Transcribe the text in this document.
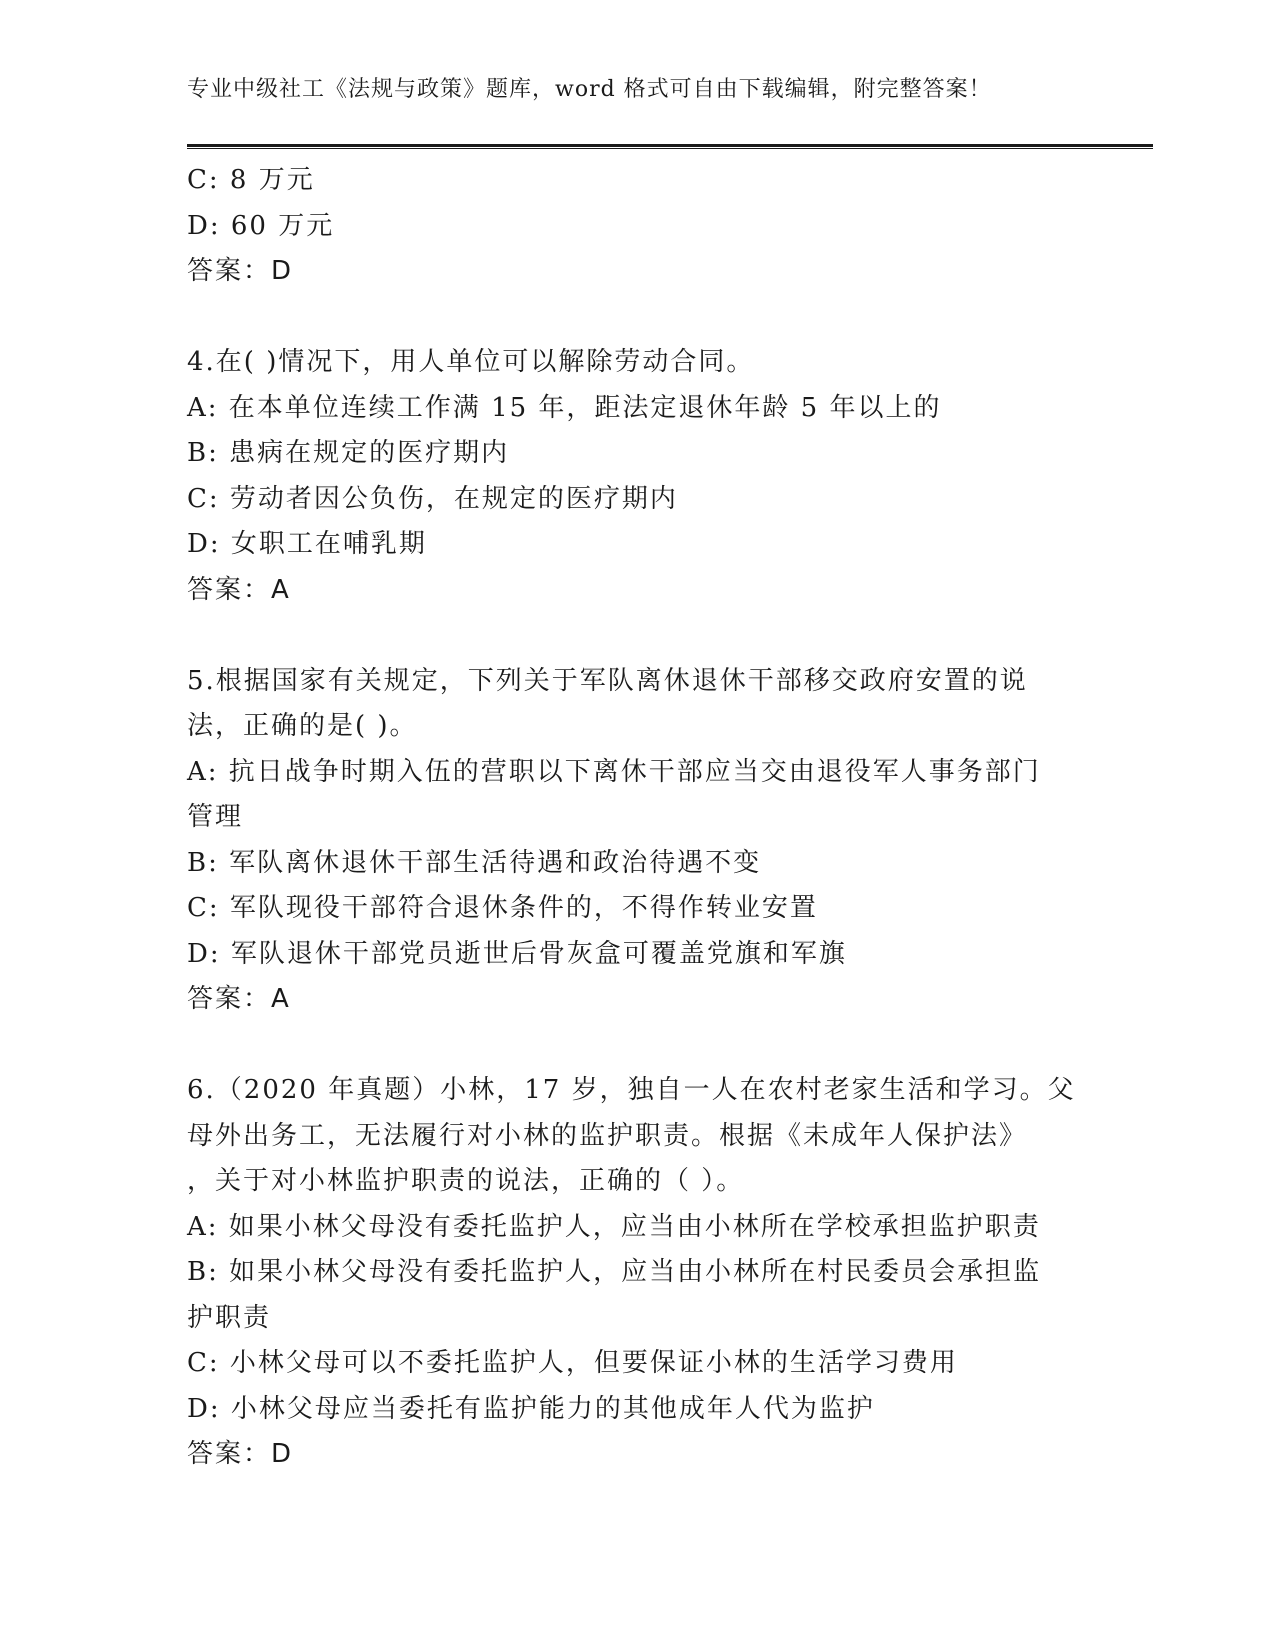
专业中级社工《法规与政策》题库，word 格式可自由下载编辑，附完整答案！
C: 8 万元
D: 60 万元
答案：D
4.在( )情况下，用人单位可以解除劳动合同。
A: 在本单位连续工作满 15 年，距法定退休年龄 5 年以上的
B: 患病在规定的医疗期内
C: 劳动者因公负伤，在规定的医疗期内
D: 女职工在哺乳期
答案：A
5.根据国家有关规定，下列关于军队离休退休干部移交政府安置的说
法，正确的是( )。
A: 抗日战争时期入伍的营职以下离休干部应当交由退役军人事务部门
管理
B: 军队离休退休干部生活待遇和政治待遇不变
C: 军队现役干部符合退休条件的，不得作转业安置
D: 军队退休干部党员逝世后骨灰盒可覆盖党旗和军旗
答案：A
6.（2020 年真题）小林，17 岁，独自一人在农村老家生活和学习。父
母外出务工，无法履行对小林的监护职责。根据《未成年人保护法》
，关于对小林监护职责的说法，正确的（ ）。
A: 如果小林父母没有委托监护人，应当由小林所在学校承担监护职责
B: 如果小林父母没有委托监护人，应当由小林所在村民委员会承担监
护职责
C: 小林父母可以不委托监护人，但要保证小林的生活学习费用
D: 小林父母应当委托有监护能力的其他成年人代为监护
答案：D
